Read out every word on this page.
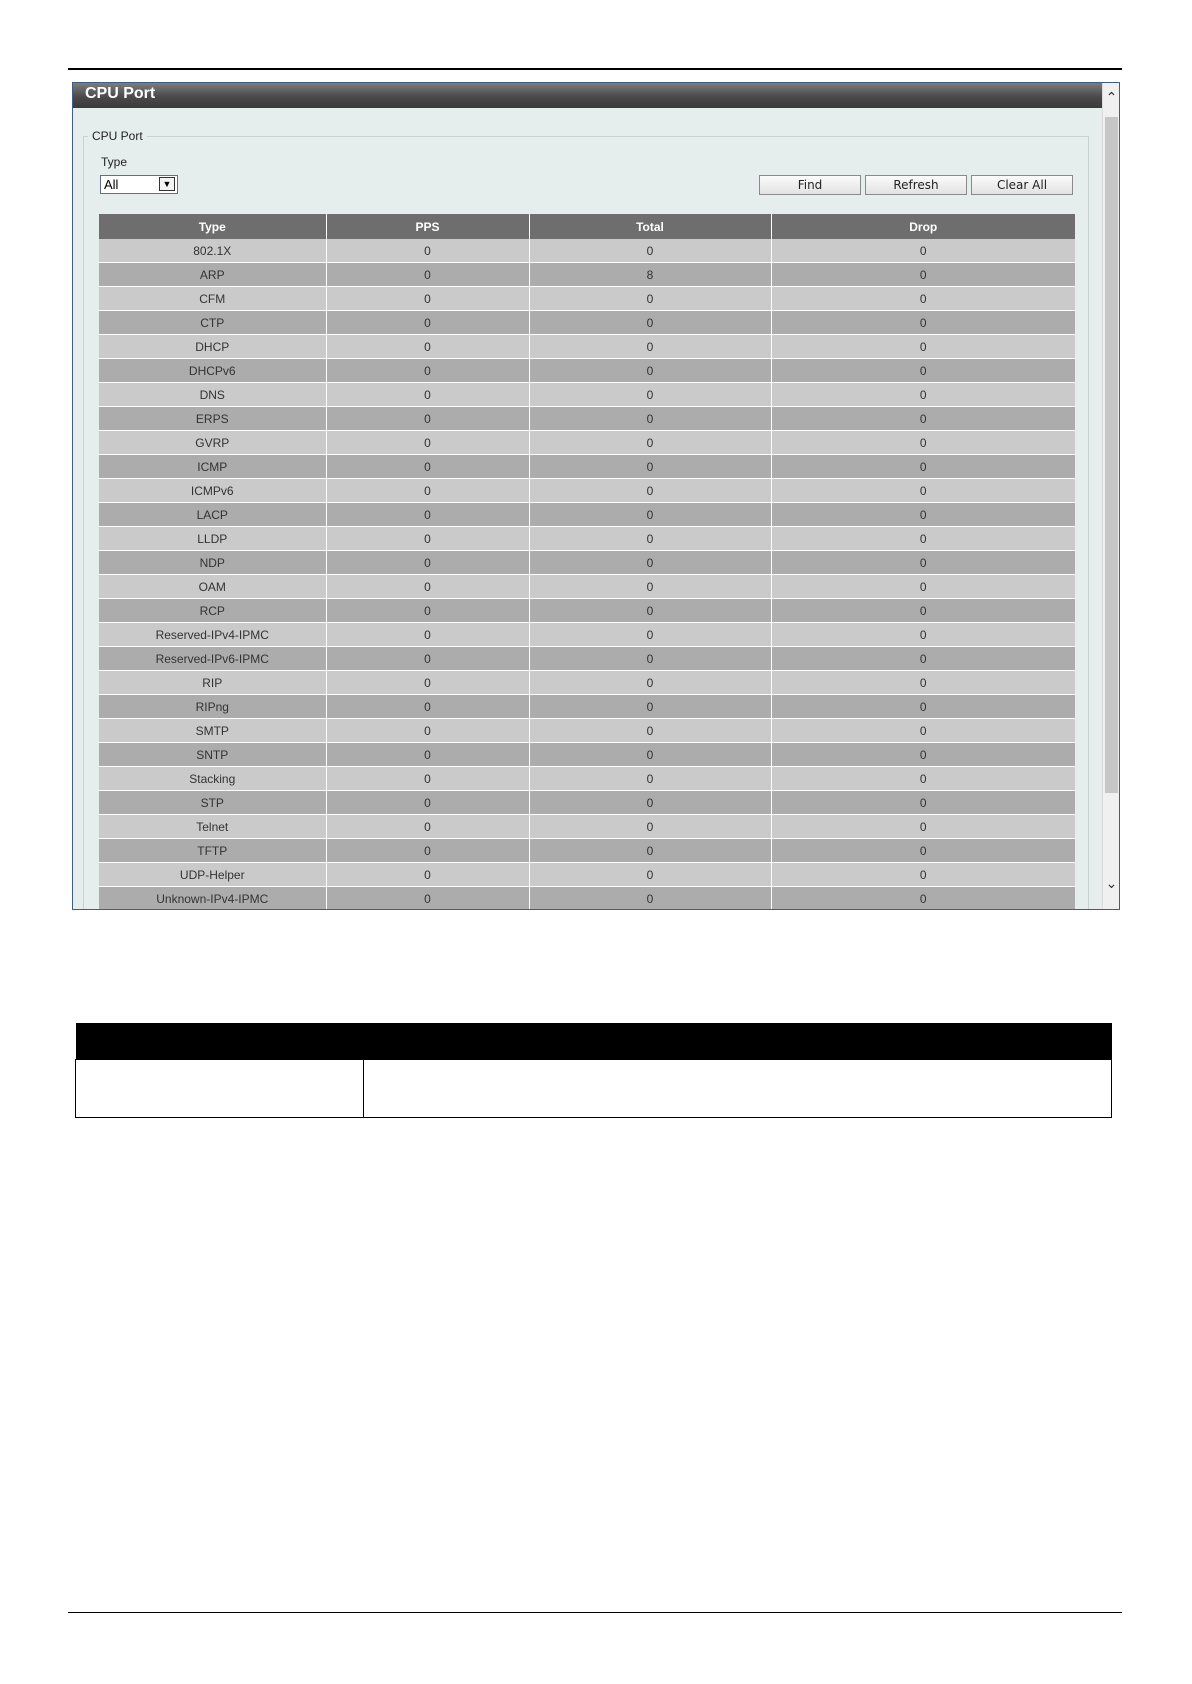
CPU Port
CPU Port
Type
All	▼	Find	Refresh	Clear All
Type	PPS	Total	Drop
802.1X	0	0	0
ARP	0	8	0
CFM	0	0	0
CTP	0	0	0
DHCP	0	0	0
DHCPv6	0	0	0
DNS	0	0	0
ERPS	0	0	0
GVRP	0	0	0
ICMP	0	0	0
ICMPv6	0	0	0
LACP	0	0	0
LLDP	0	0	0
NDP	0	0	0
OAM	0	0	0
RCP	0	0	0
Reserved-IPv4-IPMC	0	0	0
Reserved-IPv6-IPMC	0	0	0
RIP	0	0	0
RIPng	0	0	0
SMTP	0	0	0
SNTP	0	0	0
Stacking	0	0	0
STP	0	0	0
Telnet	0	0	0
TFTP	0	0	0
UDP-Helper	0	0	0
Unknown-IPv4-IPMC	0	0	0
⌃
⌄
